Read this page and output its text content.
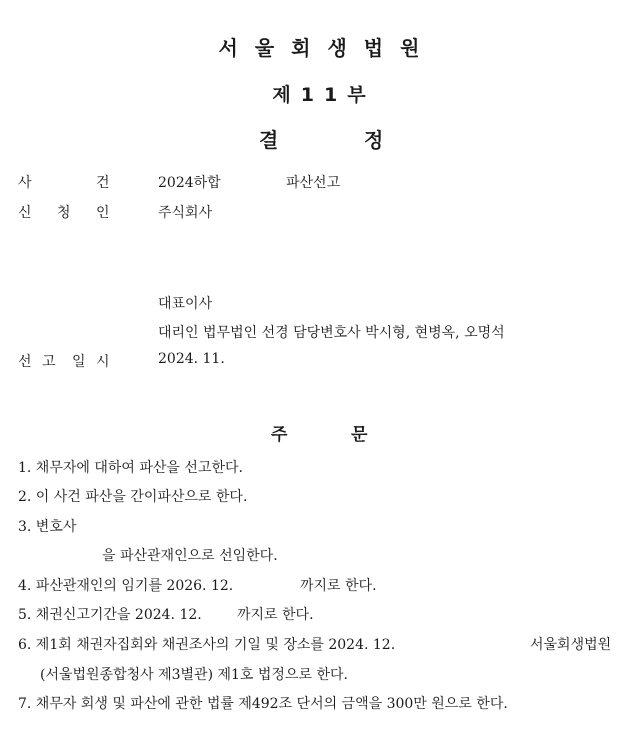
서울회생법원
제11부
결	정
사	건	2024하합	파산선고
신 청 인	주식회사
대표이사
대리인 법무법인 선경 담당변호사 박시형, 현병옥, 오명석
선 고 일 시	2024. 11.
주	문
1. 채무자에 대하여 파산을 선고한다.
2. 이 사건 파산을 간이파산으로 한다.
3. 변호사
을 파산관재인으로 선임한다.
4. 파산관재인의 임기를 2026. 12.	까지로 한다.
5. 채권신고기간을 2024. 12.	까지로 한다.
6. 제1회 채권자집회와 채권조사의 기일 및 장소를 2024. 12.	서울회생법원
(서울법원종합청사 제3별관) 제1호 법정으로 한다.
7. 채무자 회생 및 파산에 관한 법률 제492조 단서의 금액을 300만 원으로 한다.
